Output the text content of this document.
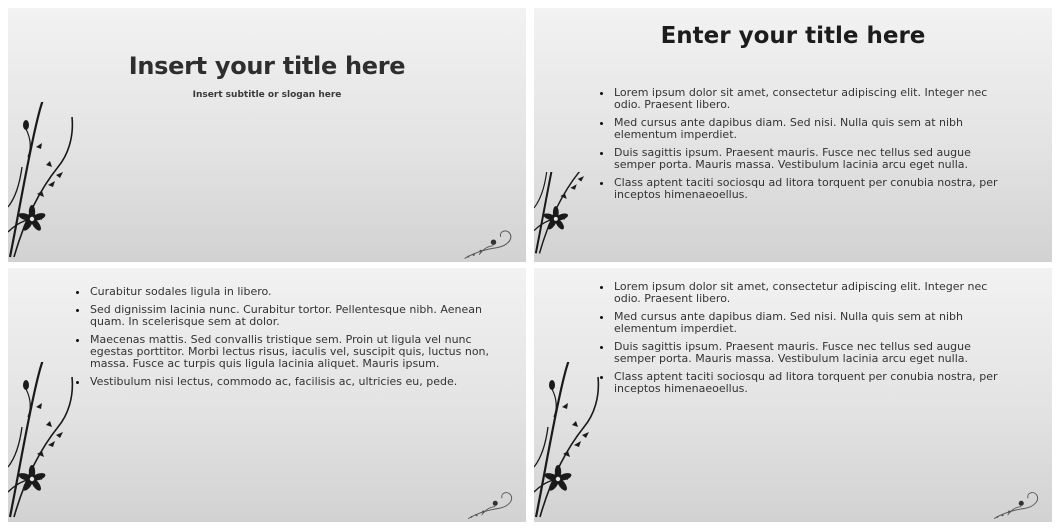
Insert your title here
Insert subtitle or slogan here
Enter your title here
• Lorem ipsum dolor sit amet, consectetur adipiscing elit. Integer nec odio. Praesent libero.
• Med cursus ante dapibus diam. Sed nisi. Nulla quis sem at nibh elementum imperdiet.
• Duis sagittis ipsum. Praesent mauris. Fusce nec tellus sed augue semper porta. Mauris massa. Vestibulum lacinia arcu eget nulla.
• Class aptent taciti sociosqu ad litora torquent per conubia nostra, per inceptos himenaeoellus.
• Curabitur sodales ligula in libero.
• Sed dignissim lacinia nunc. Curabitur tortor. Pellentesque nibh. Aenean quam. In scelerisque sem at dolor.
• Maecenas mattis. Sed convallis tristique sem. Proin ut ligula vel nunc egestas porttitor. Morbi lectus risus, iaculis vel, suscipit quis, luctus non, massa. Fusce ac turpis quis ligula lacinia aliquet. Mauris ipsum.
• Vestibulum nisi lectus, commodo ac, facilisis ac, ultricies eu, pede.
• Lorem ipsum dolor sit amet, consectetur adipiscing elit. Integer nec odio. Praesent libero.
• Med cursus ante dapibus diam. Sed nisi. Nulla quis sem at nibh elementum imperdiet.
• Duis sagittis ipsum. Praesent mauris. Fusce nec tellus sed augue semper porta. Mauris massa. Vestibulum lacinia arcu eget nulla.
• Class aptent taciti sociosqu ad litora torquent per conubia nostra, per inceptos himenaeoellus.
